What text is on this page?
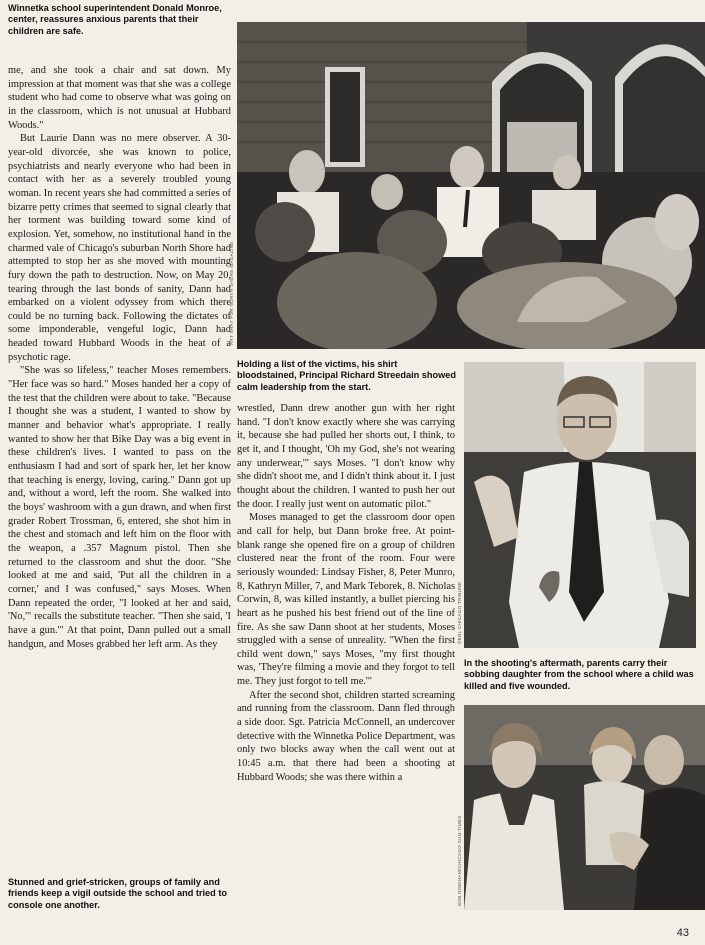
Winnetka school superintendent Donald Monroe, center, reassures anxious parents that their children are safe.

me, and she took a chair and sat down. My impression at that moment was that she was a college student who had come to observe what was going on in the classroom, which is not unusual at Hubbard Woods."

But Laurie Dann was no mere observer. A 30-year-old divorcée, she was known to police, psychiatrists and nearly everyone who had been in contact with her as a severely troubled young woman. In recent years she had committed a series of bizarre petty crimes that seemed to signal clearly that her torment was building toward some kind of explosion. Yet, somehow, no institutional hand in the charmed vale of Chicago's suburban North Shore had attempted to stop her as she moved with mounting fury down the path to destruction. Now, on May 20, tearing through the last bonds of sanity, Dann had embarked on a violent odyssey from which there could be no turning back. Following the dictates of some imponderable, vengeful logic, Dann had headed toward Hubbard Woods in the heat of a psychotic rage.

"She was so lifeless," teacher Moses remembers. "Her face was so hard." Moses handed her a copy of the test that the children were about to take. "Because I thought she was a student, I wanted to show by manner and behavior what's appropriate. I really wanted to show her that Bike Day was a big event in these children's lives. I wanted to pass on the enthusiasm I had and sort of spark her, let her know that teaching is energy, loving, caring." Dann got up and, without a word, left the room. She walked into the boys' washroom with a gun drawn, and when first grader Robert Trossman, 6, entered, she shot him in the chest and stomach and left him on the floor with the weapon, a .357 Magnum pistol. Then she returned to the classroom and shut the door. "She looked at me and said, 'Put all the children in a corner,' and I was confused," says Moses. When Dann repeated the order, "I looked at her and said, 'No,'" recalls the substitute teacher. "Then she said, 'I have a gun.'" At that point, Dann pulled out a small handgun, and Moses grabbed her left arm. As they

Stunned and grief-stricken, groups of family and friends keep a vigil outside the school and tried to console one another.
ART SHAY FOR NORTH SHORE MAGAZINE
Holding a list of the victims, his shirt bloodstained, Principal Richard Streedain showed calm leadership from the start.

wrestled, Dann drew another gun with her right hand. "I don't know exactly where she was carrying it, because she had pulled her shorts out, I think, to get it, and I thought, 'Oh my God, she's not wearing any underwear,'" says Moses. "I don't know why she didn't shoot me, and I didn't think about it. I just thought about the children. I wanted to push her out the door. I really just went on automatic pilot."

Moses managed to get the classroom door open and call for help, but Dann broke free. At point-blank range she opened fire on a group of children clustered near the front of the room. Four were seriously wounded: Lindsay Fisher, 8, Peter Munro, 8, Kathryn Miller, 7, and Mark Teborek, 8. Nicholas Corwin, 8, was killed instantly, a bullet piercing his heart as he pushed his best friend out of the line of fire. As she saw Dann shoot at her students, Moses struggled with a sense of unreality. "When the first child went down," says Moses, "my first thought was, 'They're filming a movie and they forgot to tell me. They just forgot to tell me.'"

After the second shot, children started screaming and running from the classroom. Dann fled through a side door. Sgt. Patricia McConnell, an undercover detective with the Winnetka Police Department, was only two blocks away when the call went out at 10:45 a.m. that there had been a shooting at Hubbard Woods; she was there within a

©ERL CHICAGO TRIBUNE
In the shooting's aftermath, parents carry their sobbing daughter from the school where a child was killed and five wounded.
BOB RINGHAM/CHICAGO SUN-TIMES
43
